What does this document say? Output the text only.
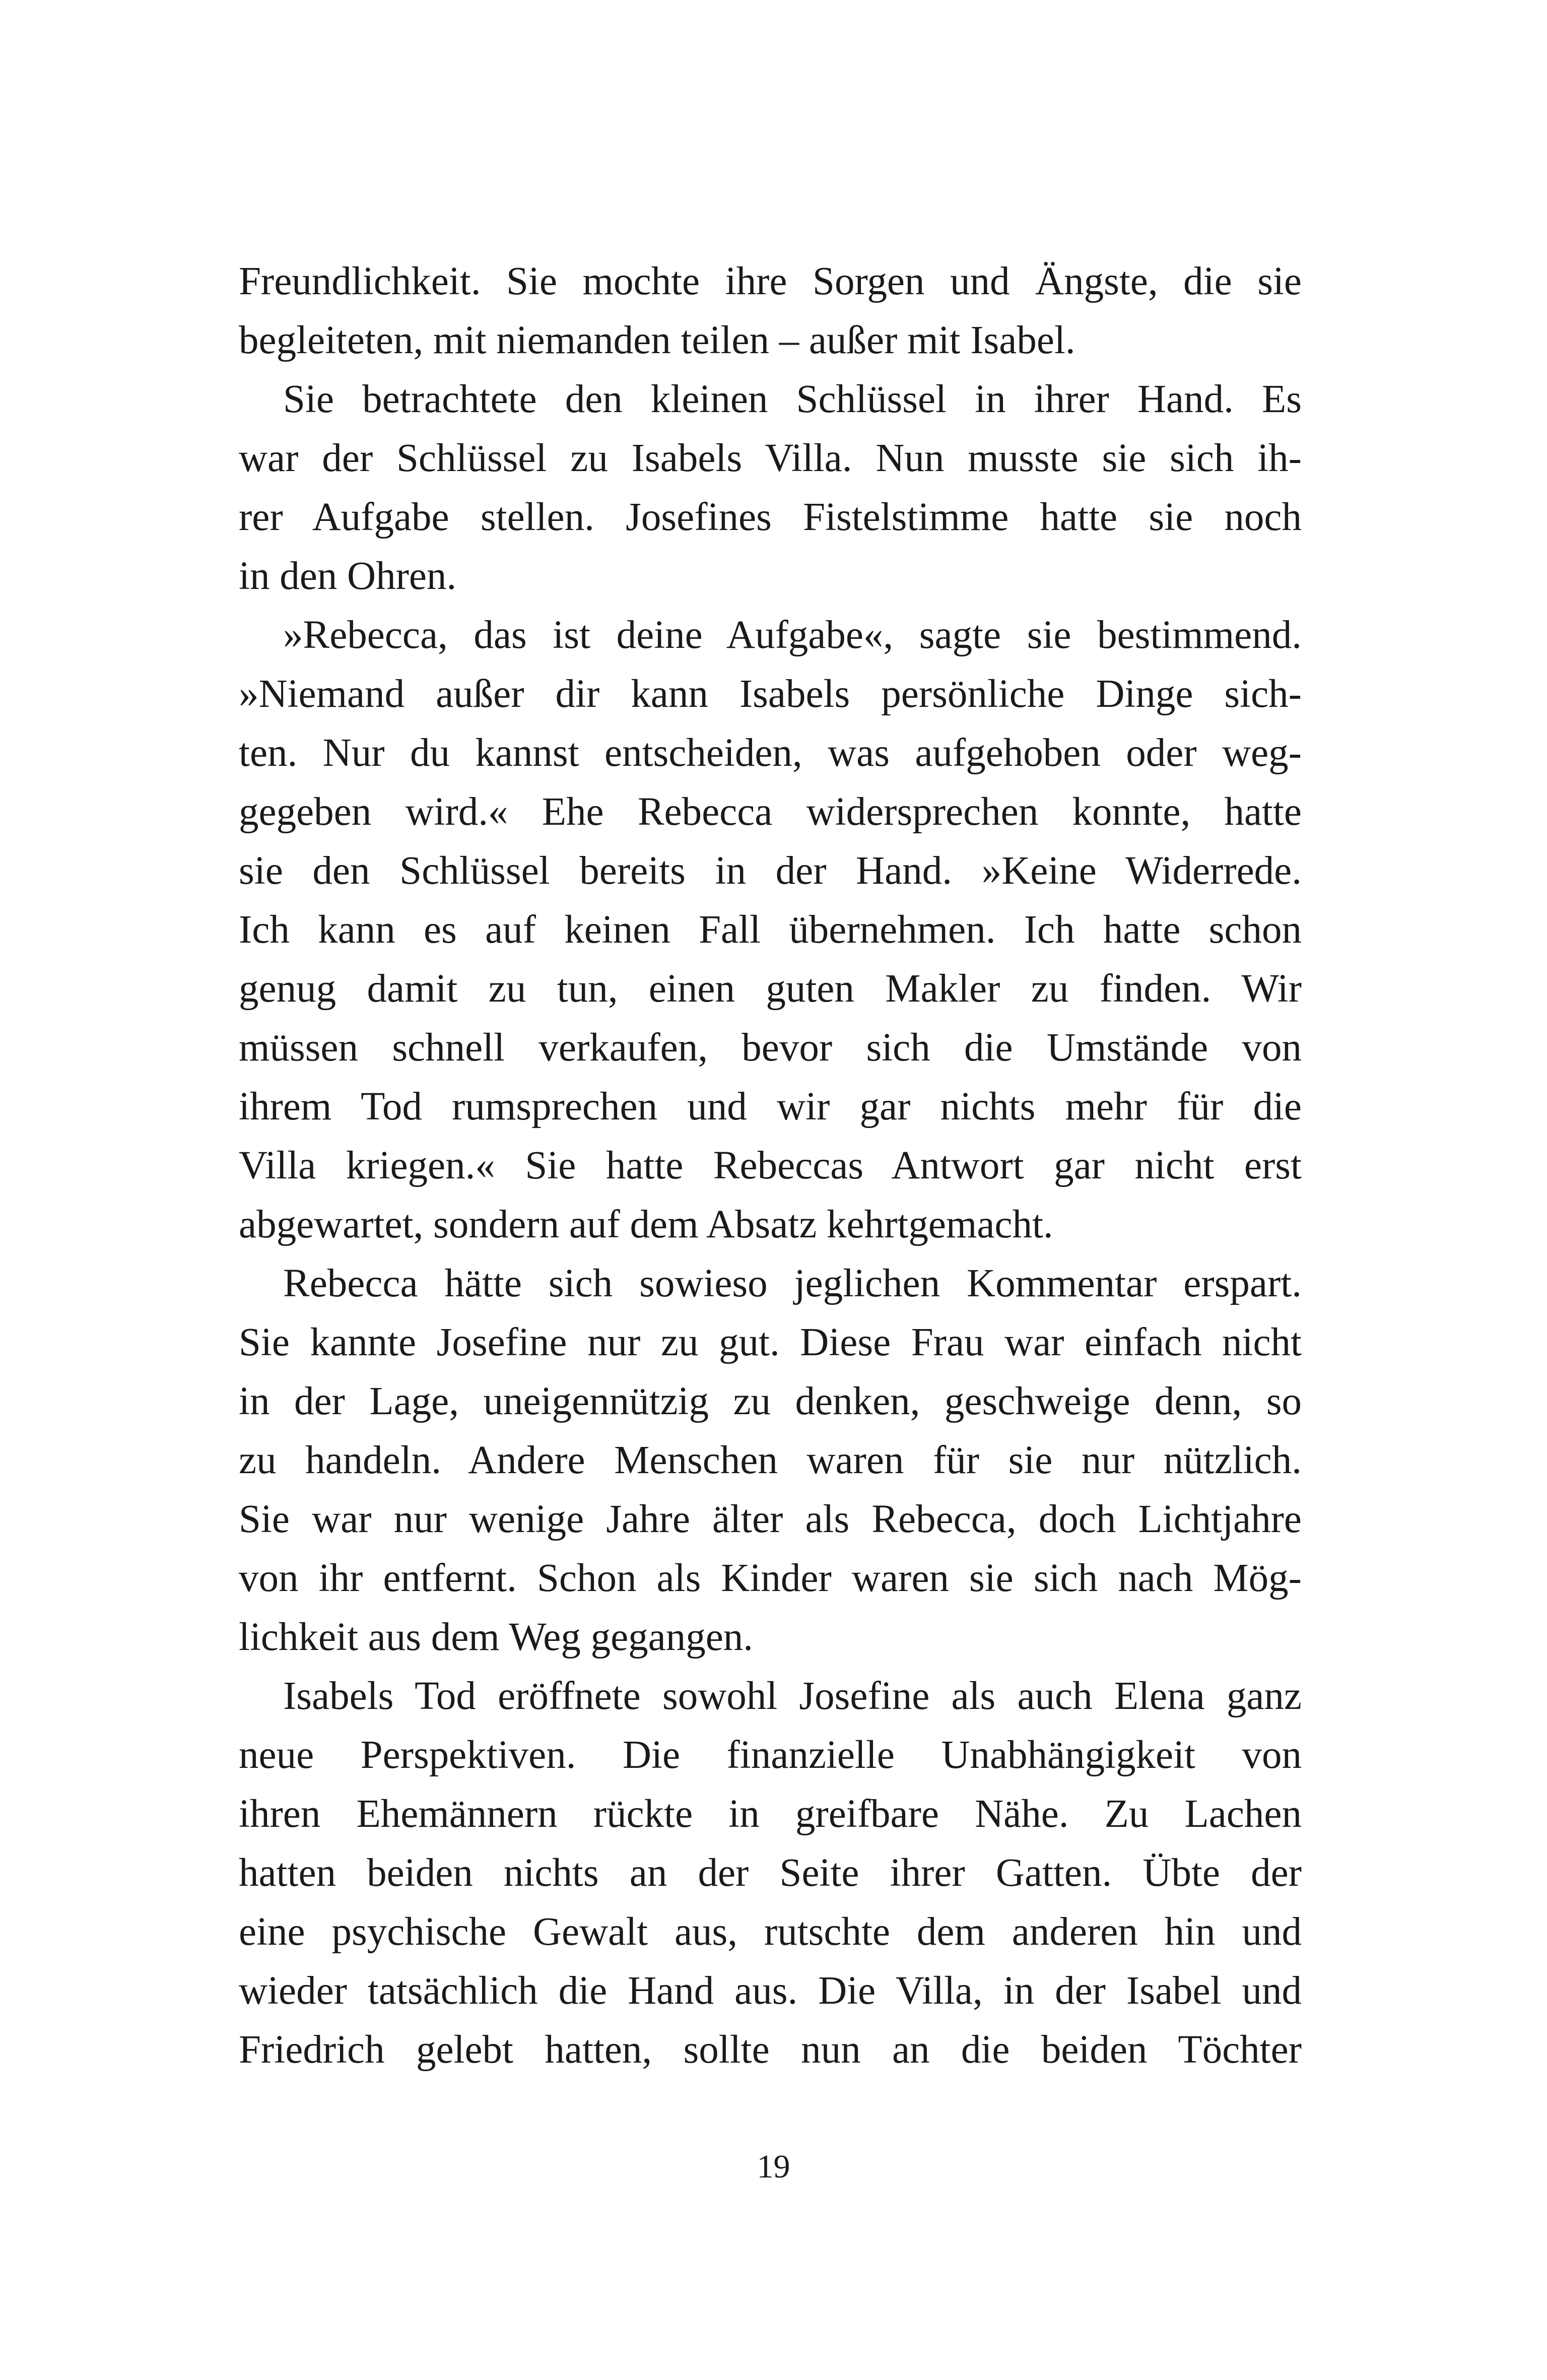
Freundlichkeit. Sie mochte ihre Sorgen und Ängste, die sie
begleiteten, mit niemanden teilen – außer mit Isabel.
Sie betrachtete den kleinen Schlüssel in ihrer Hand. Es
war der Schlüssel zu Isabels Villa. Nun musste sie sich ih-
rer Aufgabe stellen. Josefines Fistelstimme hatte sie noch
in den Ohren.
»Rebecca, das ist deine Aufgabe«, sagte sie bestimmend.
»Niemand außer dir kann Isabels persönliche Dinge sich-
ten. Nur du kannst entscheiden, was aufgehoben oder weg-
gegeben wird.« Ehe Rebecca widersprechen konnte, hatte
sie den Schlüssel bereits in der Hand. »Keine Widerrede.
Ich kann es auf keinen Fall übernehmen. Ich hatte schon
genug damit zu tun, einen guten Makler zu finden. Wir
müssen schnell verkaufen, bevor sich die Umstände von
ihrem Tod rumsprechen und wir gar nichts mehr für die
Villa kriegen.« Sie hatte Rebeccas Antwort gar nicht erst
abgewartet, sondern auf dem Absatz kehrtgemacht.
Rebecca hätte sich sowieso jeglichen Kommentar erspart.
Sie kannte Josefine nur zu gut. Diese Frau war einfach nicht
in der Lage, uneigennützig zu denken, geschweige denn, so
zu handeln. Andere Menschen waren für sie nur nützlich.
Sie war nur wenige Jahre älter als Rebecca, doch Lichtjahre
von ihr entfernt. Schon als Kinder waren sie sich nach Mög-
lichkeit aus dem Weg gegangen.
Isabels Tod eröffnete sowohl Josefine als auch Elena ganz
neue Perspektiven. Die finanzielle Unabhängigkeit von
ihren Ehemännern rückte in greifbare Nähe. Zu Lachen
hatten beiden nichts an der Seite ihrer Gatten. Übte der
eine psychische Gewalt aus, rutschte dem anderen hin und
wieder tatsächlich die Hand aus. Die Villa, in der Isabel und
Friedrich gelebt hatten, sollte nun an die beiden Töchter
19
